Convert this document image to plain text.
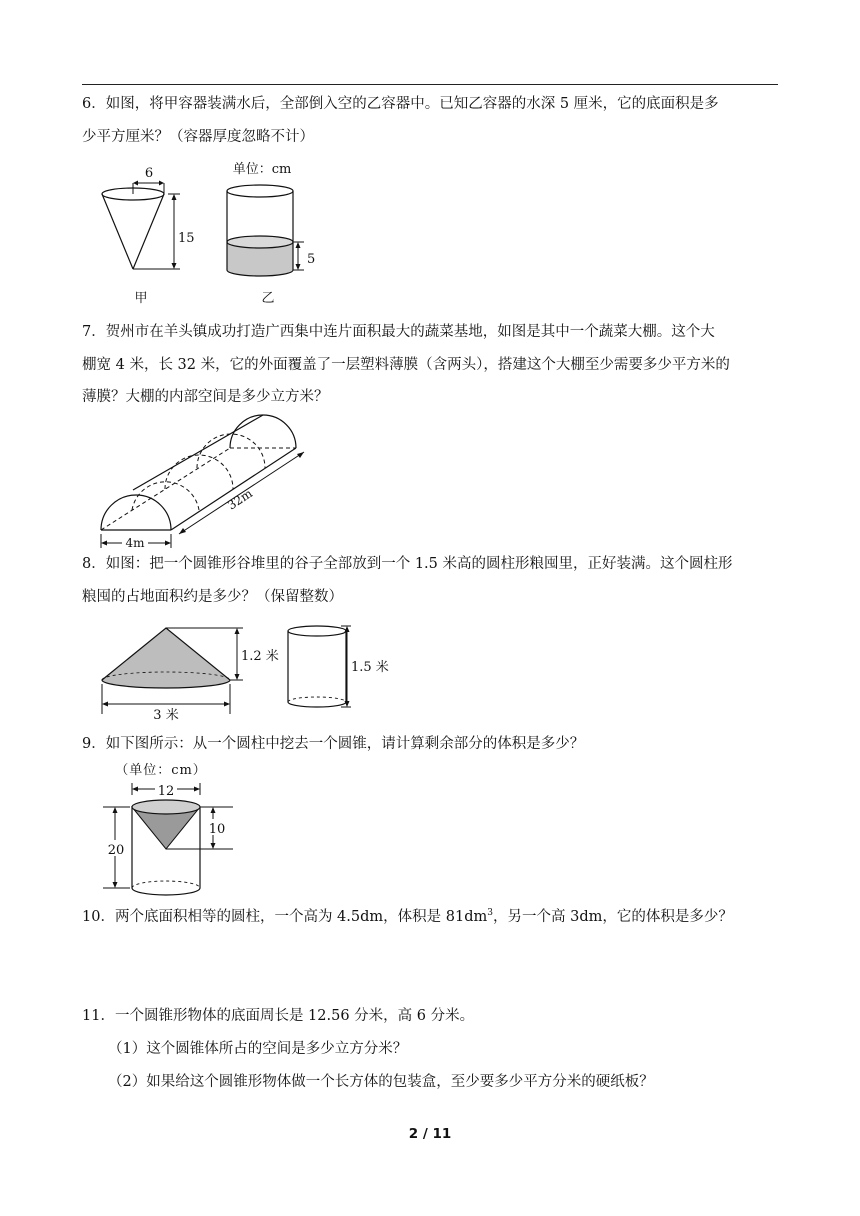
6．如图，将甲容器装满水后，全部倒入空的乙容器中。已知乙容器的水深 5 厘米，它的底面积是多
少平方厘米？（容器厚度忽略不计）
6
15
甲
单位：cm
5
乙
7．贺州市在羊头镇成功打造广西集中连片面积最大的蔬菜基地，如图是其中一个蔬菜大棚。这个大
棚宽 4 米，长 32 米，它的外面覆盖了一层塑料薄膜（含两头），搭建这个大棚至少需要多少平方米的
薄膜？大棚的内部空间是多少立方米？
32m
4m
8．如图：把一个圆锥形谷堆里的谷子全部放到一个 1.5 米高的圆柱形粮囤里，正好装满。这个圆柱形
粮囤的占地面积约是多少？（保留整数）
1.2 米
3 米
1.5 米
9．如下图所示：从一个圆柱中挖去一个圆锥，请计算剩余部分的体积是多少？
（单位：cm）
12
10
20
10．两个底面积相等的圆柱，一个高为 4.5dm，体积是 $81dm^3$，另一个高 3dm，它的体积是多少？
11．一个圆锥形物体的底面周长是 12.56 分米，高 6 分米。
（1）这个圆锥体所占的空间是多少立方分米？
（2）如果给这个圆锥形物体做一个长方体的包装盒，至少要多少平方分米的硬纸板？
2 / 11
